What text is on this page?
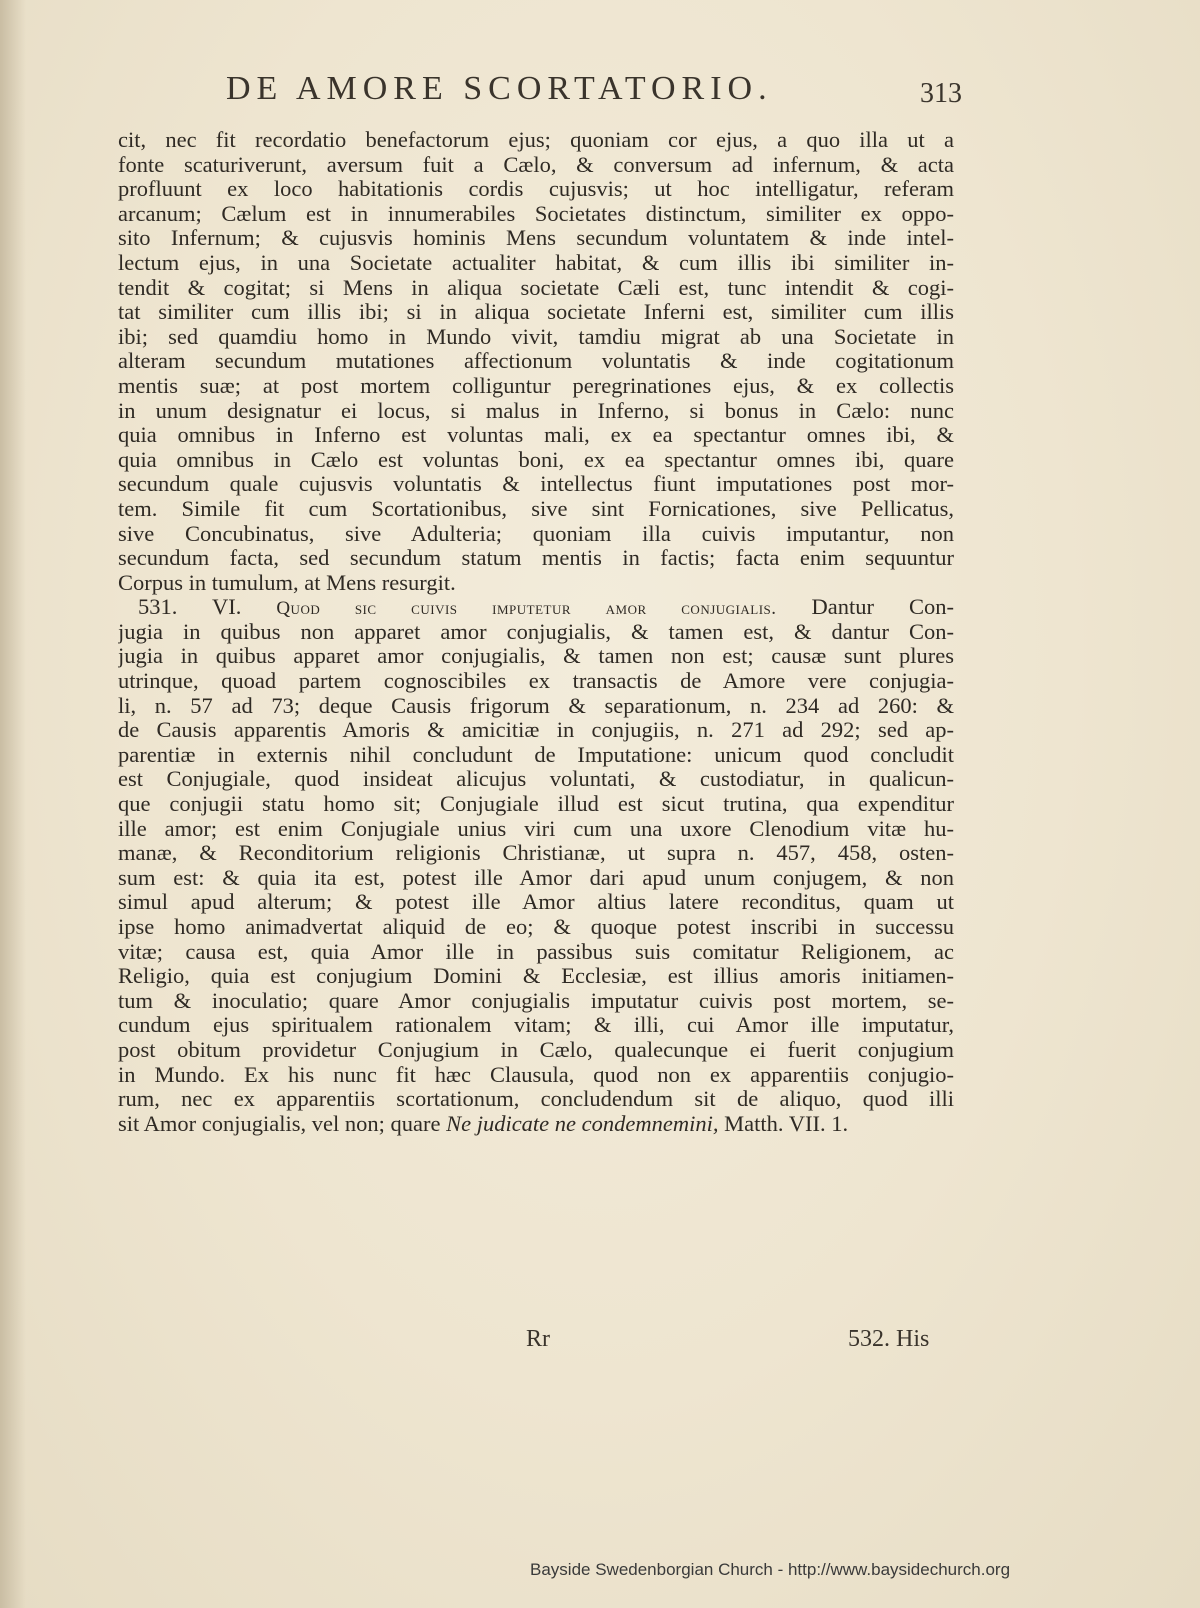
DE AMORE SCORTATORIO.	313
cit, nec fit recordatio benefactorum ejus; quoniam cor ejus, a quo illa ut a
fonte scaturiverunt, aversum fuit a Cælo, & conversum ad infernum, & acta
profluunt ex loco habitationis cordis cujusvis; ut hoc intelligatur, referam
arcanum; Cælum est in innumerabiles Societates distinctum, similiter ex oppo-
sito Infernum; & cujusvis hominis Mens secundum voluntatem & inde intel-
lectum ejus, in una Societate actualiter habitat, & cum illis ibi similiter in-
tendit & cogitat; si Mens in aliqua societate Cæli est, tunc intendit & cogi-
tat similiter cum illis ibi; si in aliqua societate Inferni est, similiter cum illis
ibi; sed quamdiu homo in Mundo vivit, tamdiu migrat ab una Societate in
alteram secundum mutationes affectionum voluntatis & inde cogitationum
mentis suæ; at post mortem colliguntur peregrinationes ejus, & ex collectis
in unum designatur ei locus, si malus in Inferno, si bonus in Cælo: nunc
quia omnibus in Inferno est voluntas mali, ex ea spectantur omnes ibi, &
quia omnibus in Cælo est voluntas boni, ex ea spectantur omnes ibi, quare
secundum quale cujusvis voluntatis & intellectus fiunt imputationes post mor-
tem. Simile fit cum Scortationibus, sive sint Fornicationes, sive Pellicatus,
sive Concubinatus, sive Adulteria; quoniam illa cuivis imputantur, non
secundum facta, sed secundum statum mentis in factis; facta enim sequuntur
Corpus in tumulum, at Mens resurgit.
531. VI. Quod sic cuivis imputetur amor conjugialis. Dantur Con-
jugia in quibus non apparet amor conjugialis, & tamen est, & dantur Con-
jugia in quibus apparet amor conjugialis, & tamen non est; causæ sunt plures
utrinque, quoad partem cognoscibiles ex transactis de Amore vere conjugia-
li, n. 57 ad 73; deque Causis frigorum & separationum, n. 234 ad 260: &
de Causis apparentis Amoris & amicitiæ in conjugiis, n. 271 ad 292; sed ap-
parentiæ in externis nihil concludunt de Imputatione: unicum quod concludit
est Conjugiale, quod insideat alicujus voluntati, & custodiatur, in qualicun-
que conjugii statu homo sit; Conjugiale illud est sicut trutina, qua expenditur
ille amor; est enim Conjugiale unius viri cum una uxore Clenodium vitæ hu-
manæ, & Reconditorium religionis Christianæ, ut supra n. 457, 458, osten-
sum est: & quia ita est, potest ille Amor dari apud unum conjugem, & non
simul apud alterum; & potest ille Amor altius latere reconditus, quam ut
ipse homo animadvertat aliquid de eo; & quoque potest inscribi in successu
vitæ; causa est, quia Amor ille in passibus suis comitatur Religionem, ac
Religio, quia est conjugium Domini & Ecclesiæ, est illius amoris initiamen-
tum & inoculatio; quare Amor conjugialis imputatur cuivis post mortem, se-
cundum ejus spiritualem rationalem vitam; & illi, cui Amor ille imputatur,
post obitum providetur Conjugium in Cælo, qualecunque ei fuerit conjugium
in Mundo. Ex his nunc fit hæc Clausula, quod non ex apparentiis conjugio-
rum, nec ex apparentiis scortationum, concludendum sit de aliquo, quod illi
sit Amor conjugialis, vel non; quare Ne judicate ne condemnemini, Matth. VII. 1.
Rr	532. His
Bayside Swedenborgian Church - http://www.baysidechurch.org
